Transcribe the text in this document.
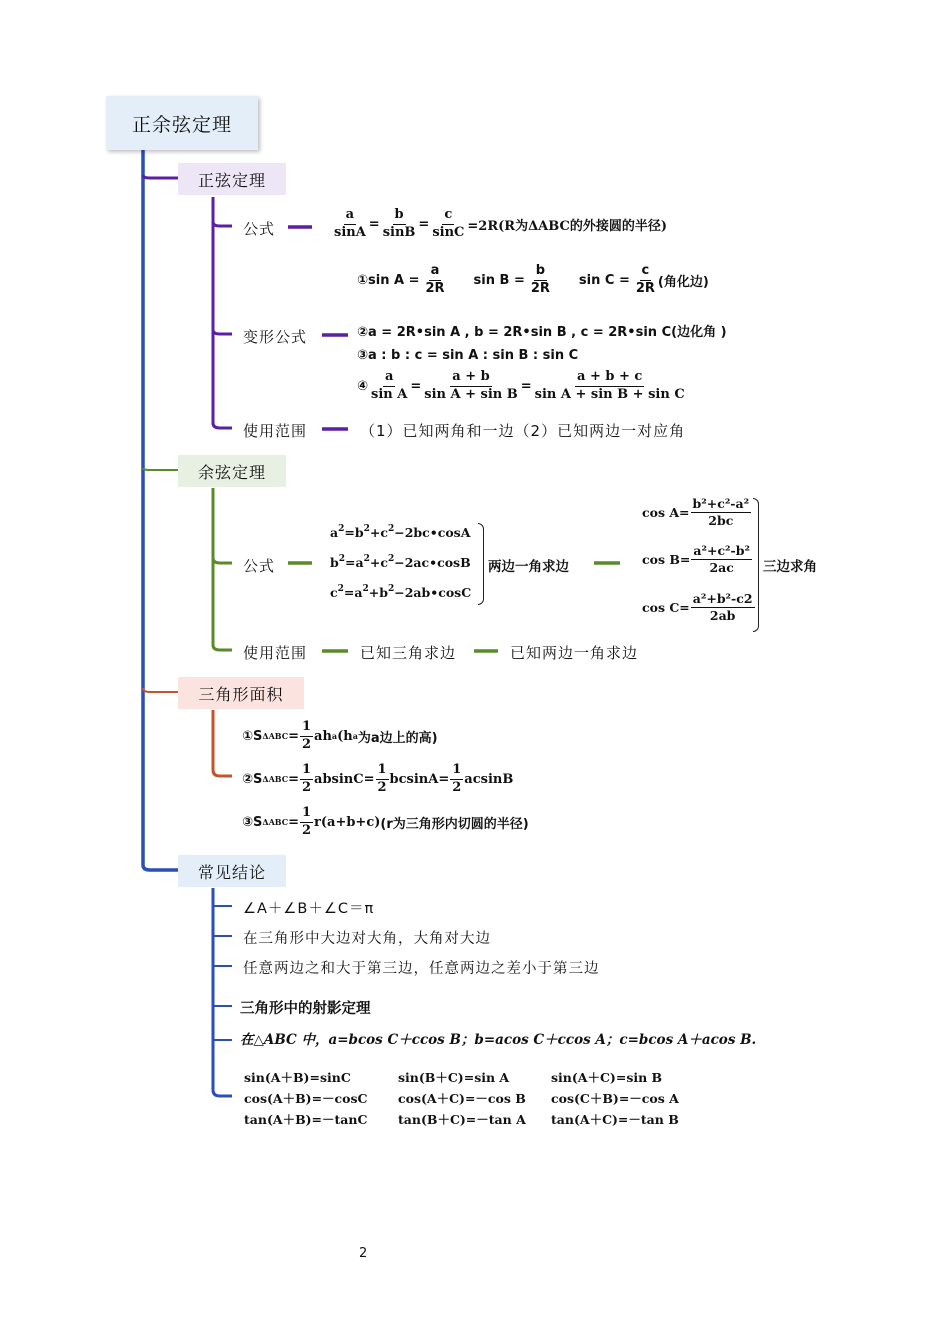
正余弦定理
正弦定理
公式	$\frac{a}{\sin A} = \frac{b}{\sin B} = \frac{c}{\sin C} =2R(R$为ΔABC的外接圆的半径)
① $\sin A = \frac{a}{2R}$ $\sin B = \frac{b}{2R}$ $\sin C = \frac{c}{2R}$ (角化边)
变形公式	②a = 2R•sin A , b = 2R•sin B , c = 2R•sin C(边化角 )
③a : b : c = sin A : sin B : sin C
④ $\frac{a}{\text{sin A}} = \frac{a + b}{\text{sin A + sin B}} = \frac{a + b + c}{\text{sin A + sin B + sin C}}$
使用范围	（1）已知两角和一边（2）已知两边一对应角
余弦定理
公式
$a^2=b^2+c^2-2bc•\cos A$
$b^2=a^2+c^2-2ac•\cos B$
$c^2=a^2+b^2-2ab•\cos C$
两边一角求边
$\cos A= \frac{\text{b²+c²-a²}}{2bc}$
$\cos B= \frac{\text{a²+c²-b²}}{2ac}$
$\cos C= \frac{\text{a²+b²-c2}}{2ab}$
三边求角
使用范围	已知三角求边	已知两边一角求边
三角形面积
①S $\Delta ABC = \frac{1}{2}$ ah a (h a 为a边上的高)
②S $\Delta ABC = \frac{1}{2} absinC= \frac{1}{2} bcsinA= \frac{1}{2}$ acsinB
③S $\Delta ABC = \frac{1}{2} r(a+b+c)$ (r为三角形内切圆的半径)
常见结论
∠A＋∠B＋∠C＝π
在三角形中大边对大角，大角对大边
任意两边之和大于第三边，任意两边之差小于第三边
三角形中的射影定理
在△ABC 中，a=bcos C＋ccos B；b=acos C＋ccos A；c=bcos A＋acos B.
sin(A＋B)=sinC	sin(B＋C)=sin A	sin(A＋C)=sin B
cos(A＋B)=－cosC cos(A＋C)=－cos B cos(C＋B)=－cos A
tan(A＋B)=－tanC tan(B＋C)=－tan A tan(A＋C)=－tan B
2
